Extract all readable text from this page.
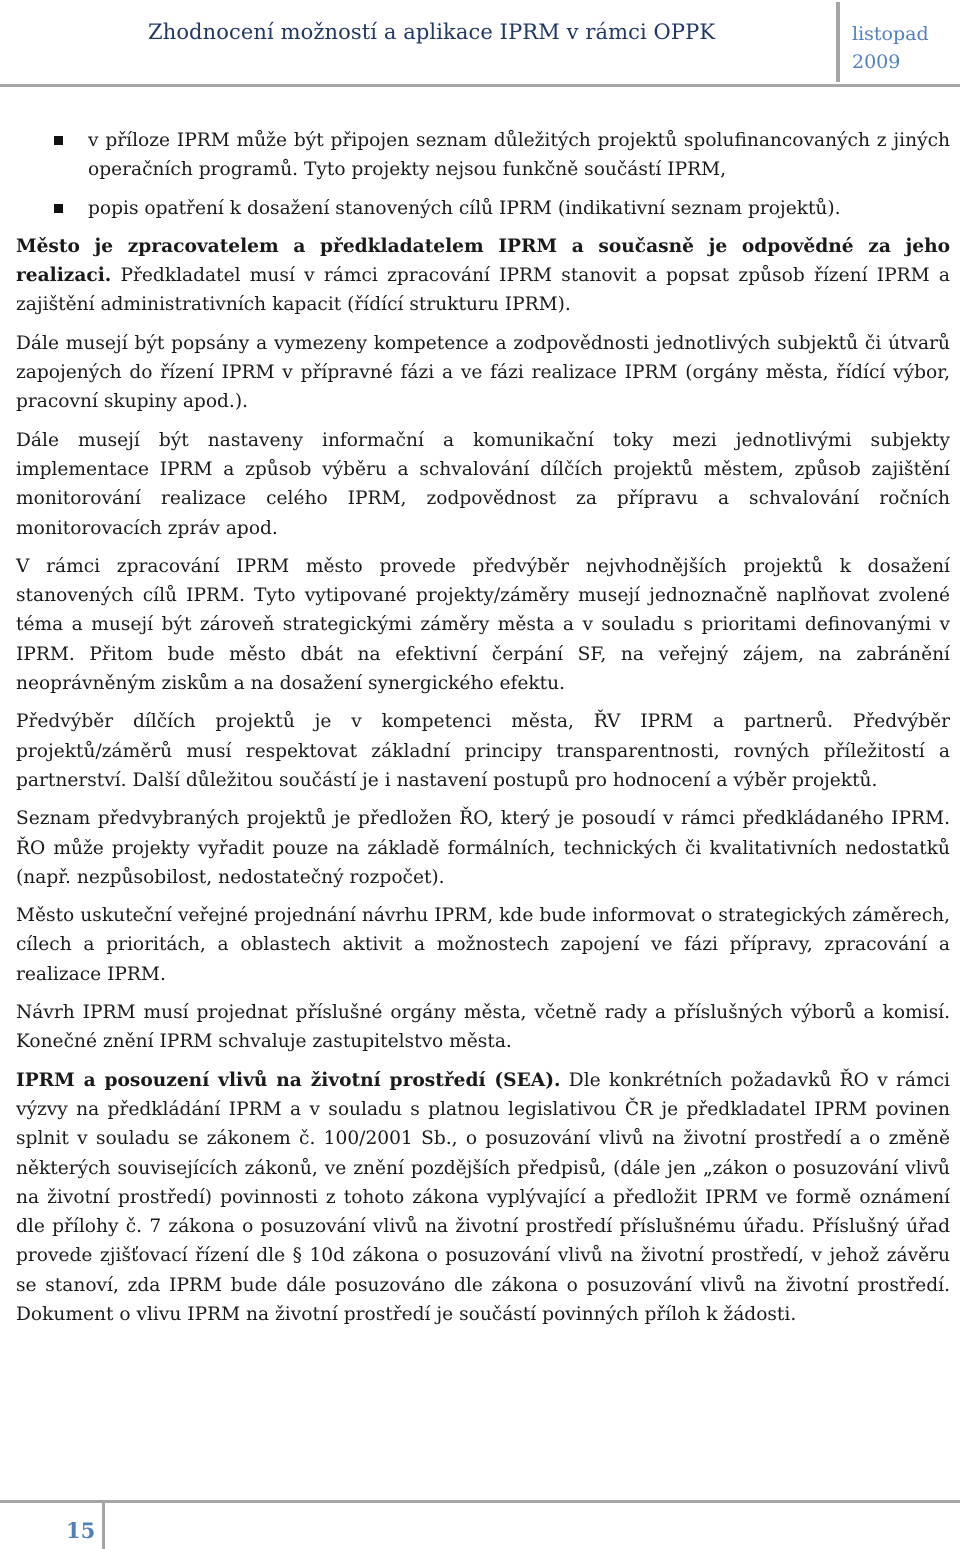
Zhodnocení možností a aplikace IPRM v rámci OPPK	listopad
2009
v příloze IPRM může být připojen seznam důležitých projektů spolufinancovaných z jiných operačních programů. Tyto projekty nejsou funkčně součástí IPRM,
popis opatření k dosažení stanovených cílů IPRM (indikativní seznam projektů).

Město je zpracovatelem a předkladatelem IPRM a současně je odpovědné za jeho realizaci. Předkladatel musí v rámci zpracování IPRM stanovit a popsat způsob řízení IPRM a zajištění administrativních kapacit (řídící strukturu IPRM).

Dále musejí být popsány a vymezeny kompetence a zodpovědnosti jednotlivých subjektů či útvarů zapojených do řízení IPRM v přípravné fázi a ve fázi realizace IPRM (orgány města, řídící výbor, pracovní skupiny apod.).

Dále musejí být nastaveny informační a komunikační toky mezi jednotlivými subjekty implementace IPRM a způsob výběru a schvalování dílčích projektů městem, způsob zajištění monitorování realizace celého IPRM, zodpovědnost za přípravu a schvalování ročních monitorovacích zpráv apod.

V rámci zpracování IPRM město provede předvýběr nejvhodnějších projektů k dosažení stanovených cílů IPRM. Tyto vytipované projekty/záměry musejí jednoznačně naplňovat zvolené téma a musejí být zároveň strategickými záměry města a v souladu s prioritami definovanými v IPRM. Přitom bude město dbát na efektivní čerpání SF, na veřejný zájem, na zabránění neoprávněným ziskům a na dosažení synergického efektu.

Předvýběr dílčích projektů je v kompetenci města, ŘV IPRM a partnerů. Předvýběr projektů/záměrů musí respektovat základní principy transparentnosti, rovných příležitostí a partnerství. Další důležitou součástí je i nastavení postupů pro hodnocení a výběr projektů.

Seznam předvybraných projektů je předložen ŘO, který je posoudí v rámci předkládaného IPRM. ŘO může projekty vyřadit pouze na základě formálních, technických či kvalitativních nedostatků (např. nezpůsobilost, nedostatečný rozpočet).

Město uskuteční veřejné projednání návrhu IPRM, kde bude informovat o strategických záměrech, cílech a prioritách, a oblastech aktivit a možnostech zapojení ve fázi přípravy, zpracování a realizace IPRM.

Návrh IPRM musí projednat příslušné orgány města, včetně rady a příslušných výborů a komisí. Konečné znění IPRM schvaluje zastupitelstvo města.

IPRM a posouzení vlivů na životní prostředí (SEA). Dle konkrétních požadavků ŘO v rámci výzvy na předkládání IPRM a v souladu s platnou legislativou ČR je předkladatel IPRM povinen splnit v souladu se zákonem č. 100/2001 Sb., o posuzování vlivů na životní prostředí a o změně některých souvisejících zákonů, ve znění pozdějších předpisů, (dále jen „zákon o posuzování vlivů na životní prostředí) povinnosti z tohoto zákona vyplývající a předložit IPRM ve formě oznámení dle přílohy č. 7 zákona o posuzování vlivů na životní prostředí příslušnému úřadu. Příslušný úřad provede zjišťovací řízení dle § 10d zákona o posuzování vlivů na životní prostředí, v jehož závěru se stanoví, zda IPRM bude dále posuzováno dle zákona o posuzování vlivů na životní prostředí. Dokument o vlivu IPRM na životní prostředí je součástí povinných příloh k žádosti.

15
